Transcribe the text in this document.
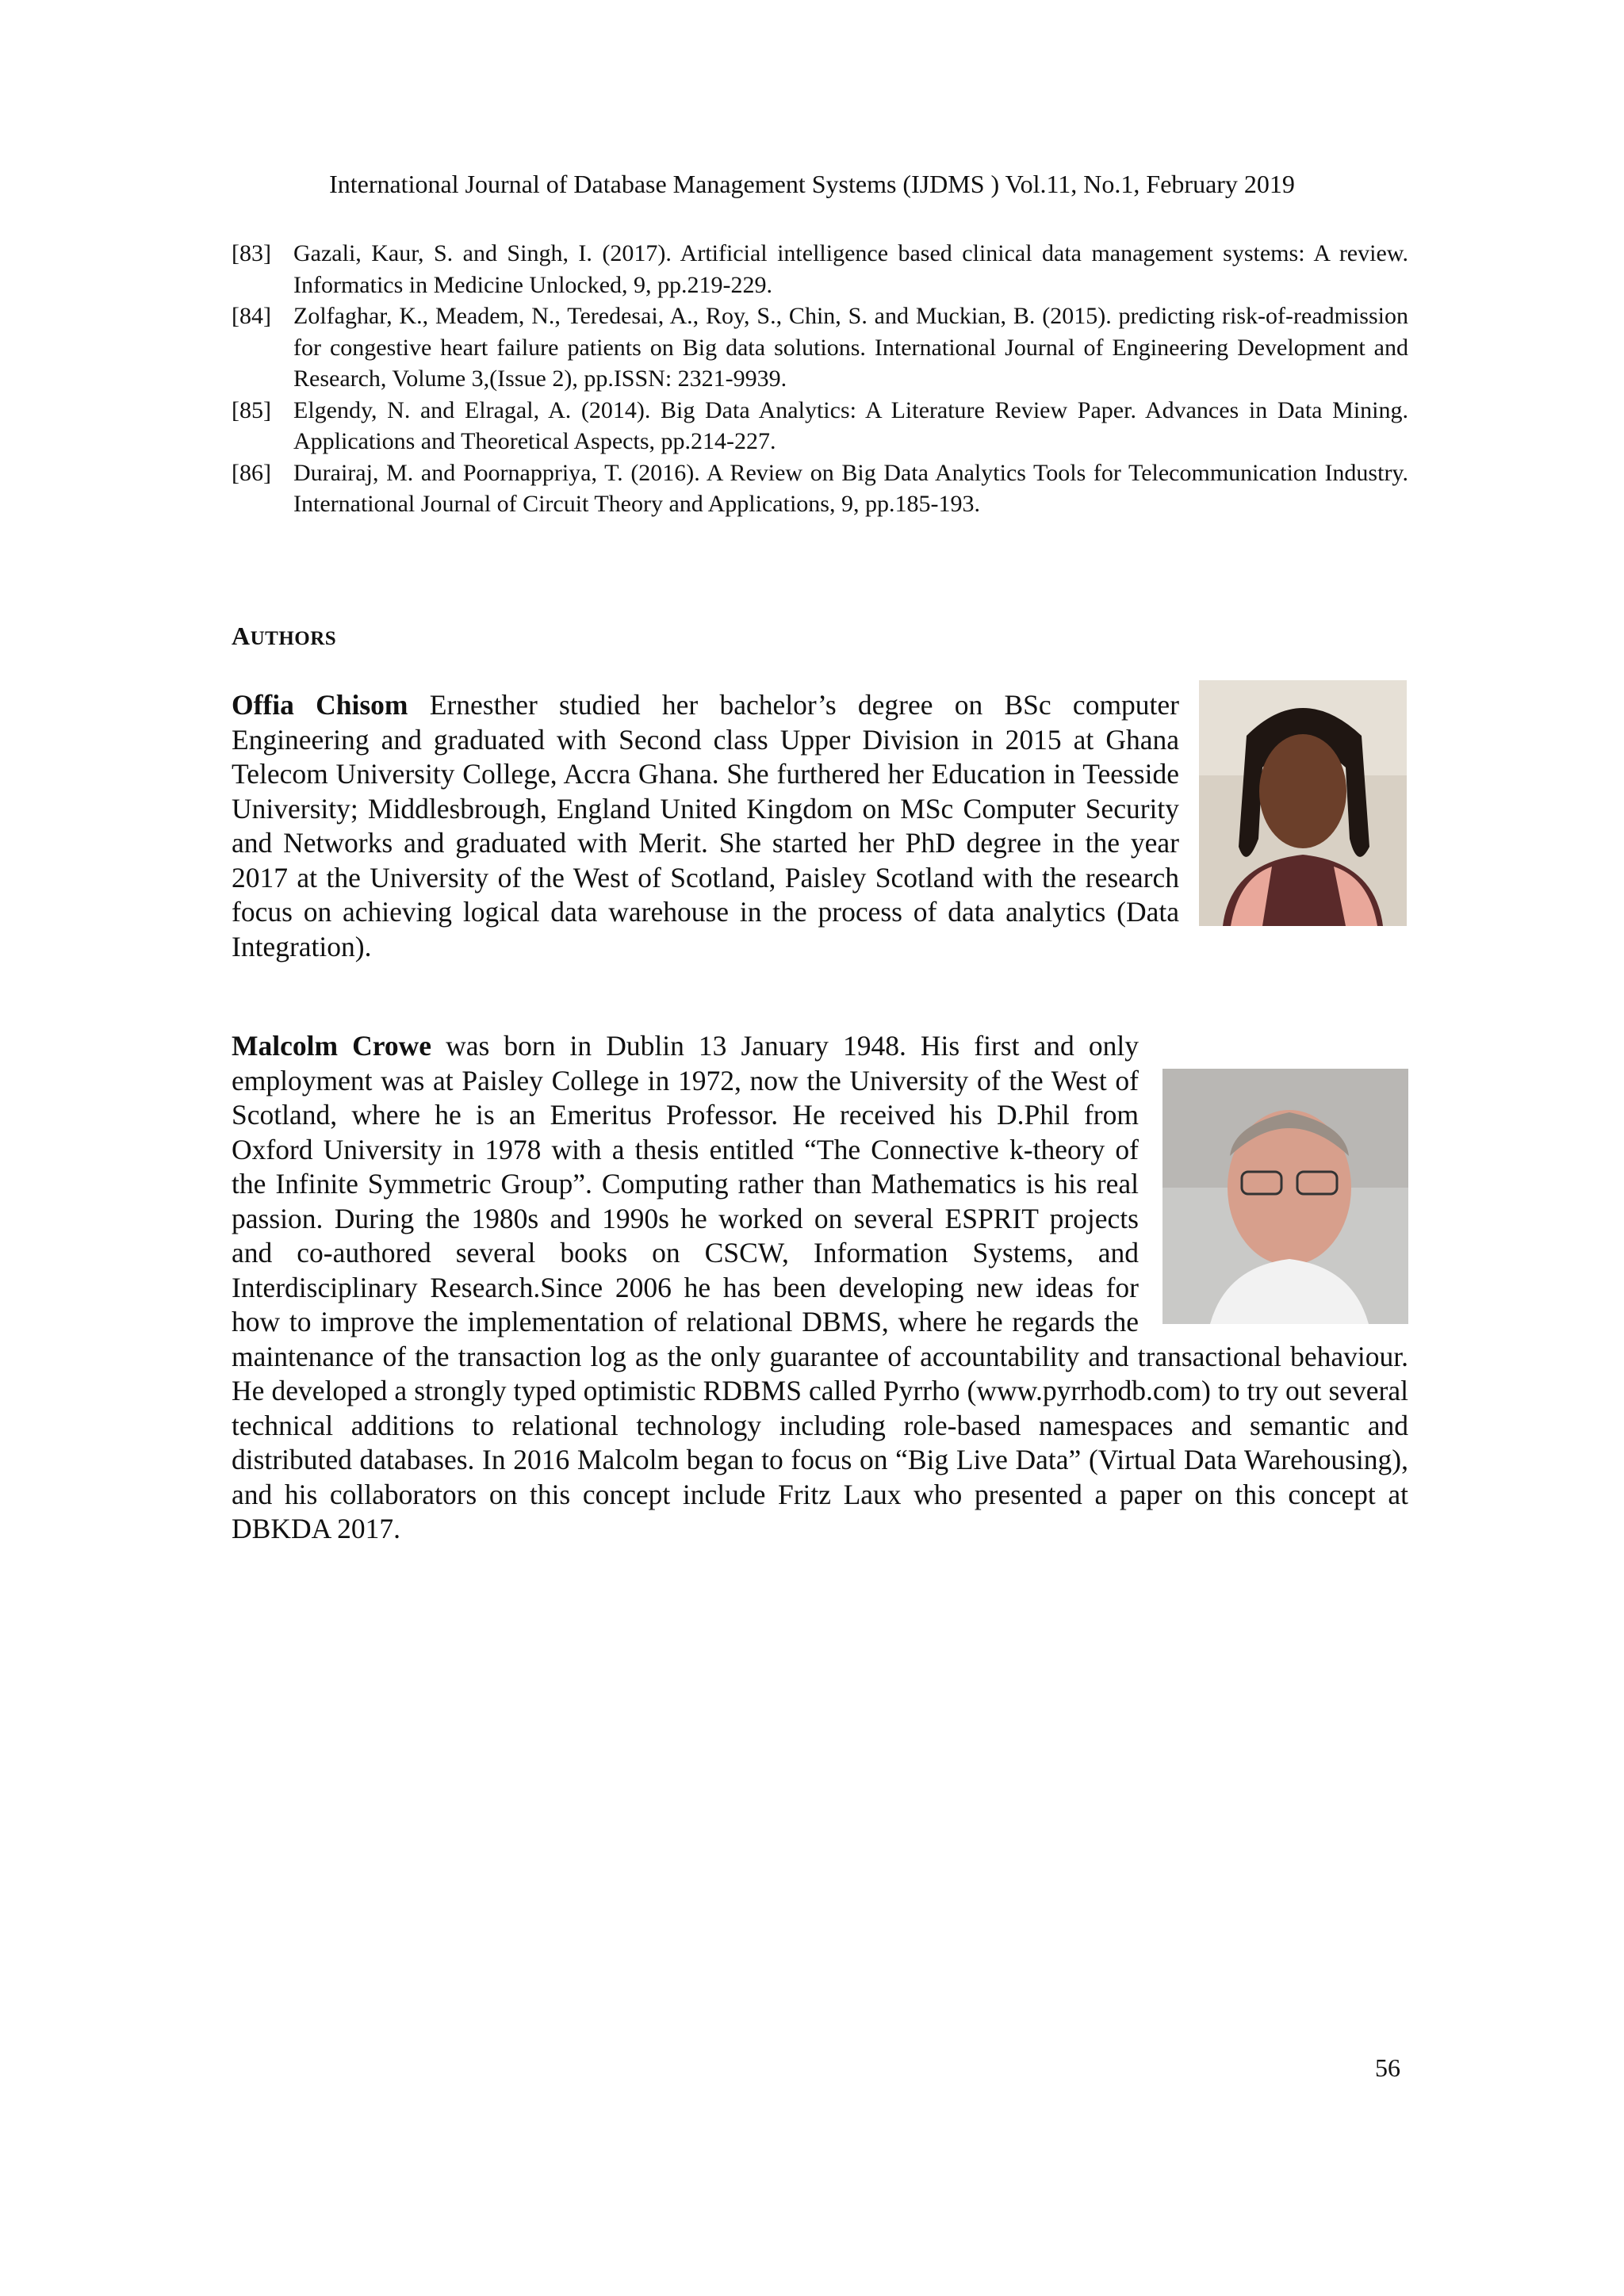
International Journal of Database Management Systems (IJDMS ) Vol.11, No.1, February 2019
[83] Gazali, Kaur, S. and Singh, I. (2017). Artificial intelligence based clinical data management systems: A review. Informatics in Medicine Unlocked, 9, pp.219-229.
[84] Zolfaghar, K., Meadem, N., Teredesai, A., Roy, S., Chin, S. and Muckian, B. (2015). predicting risk-of-readmission for congestive heart failure patients on Big data solutions. International Journal of Engineering Development and Research, Volume 3,(Issue 2), pp.ISSN: 2321-9939.
[85] Elgendy, N. and Elragal, A. (2014). Big Data Analytics: A Literature Review Paper. Advances in Data Mining. Applications and Theoretical Aspects, pp.214-227.
[86] Durairaj, M. and Poornappriya, T. (2016). A Review on Big Data Analytics Tools for Telecommunication Industry. International Journal of Circuit Theory and Applications, 9, pp.185-193.
AUTHORS
Offia Chisom Ernesther studied her bachelor’s degree on BSc computer Engineering and graduated with Second class Upper Division in 2015 at Ghana Telecom University College, Accra Ghana. She furthered her Education in Teesside University; Middlesbrough, England United Kingdom on MSc Computer Security and Networks and graduated with Merit. She started her PhD degree in the year 2017 at the University of the West of Scotland, Paisley Scotland with the research focus on achieving logical data warehouse in the process of data analytics (Data Integration).
Malcolm Crowe was born in Dublin 13 January 1948. His first and only employment was at Paisley College in 1972, now the University of the West of Scotland, where he is an Emeritus Professor. He received his D.Phil from Oxford University in 1978 with a thesis entitled “The Connective k-theory of the Infinite Symmetric Group”. Computing rather than Mathematics is his real passion. During the 1980s and 1990s he worked on several ESPRIT projects and co-authored several books on CSCW, Information Systems, and Interdisciplinary Research.Since 2006 he has been developing new ideas for how to improve the implementation of relational DBMS, where he regards the maintenance of the transaction log as the only guarantee of accountability and transactional behaviour. He developed a strongly typed optimistic RDBMS called Pyrrho (www.pyrrhodb.com) to try out several technical additions to relational technology including role-based namespaces and semantic and distributed databases. In 2016 Malcolm began to focus on “Big Live Data” (Virtual Data Warehousing), and his collaborators on this concept include Fritz Laux who presented a paper on this concept at DBKDA 2017.
56
